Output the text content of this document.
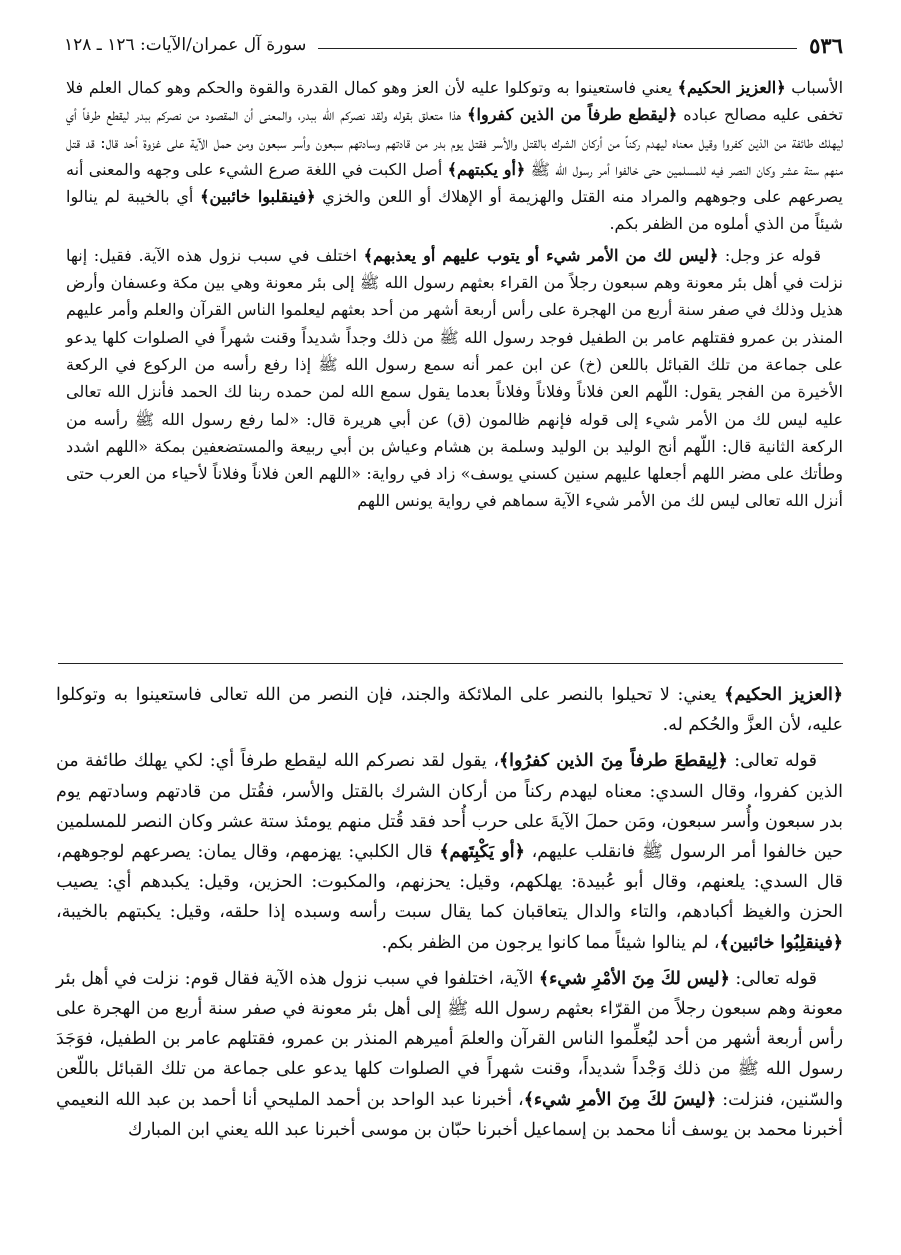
٥٣٦
سورة آل عمران/الآيات: ١٢٦ ـ ١٢٨

الأسباب ﴿العزيز الحكيم﴾ يعني فاستعينوا به وتوكلوا عليه لأن العز وهو كمال القدرة والقوة والحكم وهو كمال العلم فلا تخفى عليه مصالح عباده ﴿ليقطع طرفاً من الذين كفروا﴾ هذا متعلق بقوله ولقد نصركم الله ببدر، والمعنى أن المقصود من نصركم ببدر ليقطع طرفاً أي ليهلك طائفة من الذين كفروا وقيل معناه ليهدم ركناً من أركان الشرك بالقتل والأسر فقتل يوم بدر من قادتهم وسادتهم سبعون وأسر سبعون ومن حمل الآية على غزوة أحد قال: قد قتل منهم ستة عشر وكان النصر فيه للمسلمين حتى خالفوا أمر رسول الله ﷺ ﴿أو يكبتهم﴾ أصل الكبت في اللغة صرع الشيء على وجهه والمعنى أنه يصرعهم على وجوههم والمراد منه القتل والهزيمة أو الإهلاك أو اللعن والخزي ﴿فينقلبوا خائبين﴾ أي بالخيبة لم ينالوا شيئاً من الذي أملوه من الظفر بكم.

قوله عز وجل: ﴿ليس لك من الأمر شيء أو يتوب عليهم أو يعذبهم﴾ اختلف في سبب نزول هذه الآية. فقيل: إنها نزلت في أهل بئر معونة وهم سبعون رجلاً من القراء بعثهم رسول الله ﷺ إلى بئر معونة وهي بين مكة وعسفان وأرض هذيل وذلك في صفر سنة أربع من الهجرة على رأس أربعة أشهر من أحد بعثهم ليعلموا الناس القرآن والعلم وأمر عليهم المنذر بن عمرو فقتلهم عامر بن الطفيل فوجد رسول الله ﷺ من ذلك وجداً شديداً وقنت شهراً في الصلوات كلها يدعو على جماعة من تلك القبائل باللعن (خ) عن ابن عمر أنه سمع رسول الله ﷺ إذا رفع رأسه من الركوع في الركعة الأخيرة من الفجر يقول: اللّهم العن فلاناً وفلاناً وفلاناً بعدما يقول سمع الله لمن حمده ربنا لك الحمد فأنزل الله تعالى عليه ليس لك من الأمر شيء إلى قوله فإنهم ظالمون (ق) عن أبي هريرة قال: «لما رفع رسول الله ﷺ رأسه من الركعة الثانية قال: اللّهم أنج الوليد بن الوليد وسلمة بن هشام وعياش بن أبي ربيعة والمستضعفين بمكة «اللهم اشدد وطأتك على مضر اللهم أجعلها عليهم سنين كسني يوسف» زاد في رواية: «اللهم العن فلاناً وفلاناً لأحياء من العرب حتى أنزل الله تعالى ليس لك من الأمر شيء الآية سماهم في رواية يونس اللهم

﴿العزيز الحكيم﴾ يعني: لا تحيلوا بالنصر على الملائكة والجند، فإن النصر من الله تعالى فاستعينوا به وتوكلوا عليه، لأن العزَّ والحُكم له.

قوله تعالى: ﴿لِيقطعَ طرفاً مِنَ الذين كفرُوا﴾، يقول لقد نصركم الله ليقطع طرفاً أي: لكي يهلك طائفة من الذين كفروا، وقال السدي: معناه ليهدم ركناً من أركان الشرك بالقتل والأسر، فقُتل من قادتهم وسادتهم يوم بدر سبعون وأُسر سبعون، ومَن حملَ الآيةَ على حرب أُحد فقد قُتل منهم يومئذ ستة عشر وكان النصر للمسلمين حين خالفوا أمر الرسول ﷺ فانقلب عليهم، ﴿أو يَكْبِتَهم﴾ قال الكلبي: يهزمهم، وقال يمان: يصرعهم لوجوههم، قال السدي: يلعنهم، وقال أبو عُبيدة: يهلكهم، وقيل: يحزنهم، والمكبوت: الحزين، وقيل: يكبدهم أي: يصيب الحزن والغيظ أكبادهم، والتاء والدال يتعاقبان كما يقال سبت رأسه وسبده إذا حلقه، وقيل: يكبتهم بالخيبة، ﴿فينقلِبُوا خائبين﴾، لم ينالوا شيئاً مما كانوا يرجون من الظفر بكم.

قوله تعالى: ﴿ليس لكَ مِنَ الأمْرِ شيء﴾ الآية، اختلفوا في سبب نزول هذه الآية فقال قوم: نزلت في أهل بئر معونة وهم سبعون رجلاً من القرّاء بعثهم رسول الله ﷺ إلى أهل بئر معونة في صفر سنة أربع من الهجرة على رأس أربعة أشهر من أحد ليُعلِّموا الناس القرآن والعلمَ أميرهم المنذر بن عمرو، فقتلهم عامر بن الطفيل، فوَجَدَ رسول الله ﷺ من ذلك وَجْداً شديداً، وقنت شهراً في الصلوات كلها يدعو على جماعة من تلك القبائل باللّعن والسّنين، فنزلت: ﴿ليسَ لكَ مِنَ الأمرِ شيء﴾، أخبرنا عبد الواحد بن أحمد المليحي أنا أحمد بن عبد الله النعيمي أخبرنا محمد بن يوسف أنا محمد بن إسماعيل أخبرنا حبّان بن موسى أخبرنا عبد الله يعني ابن المبارك
